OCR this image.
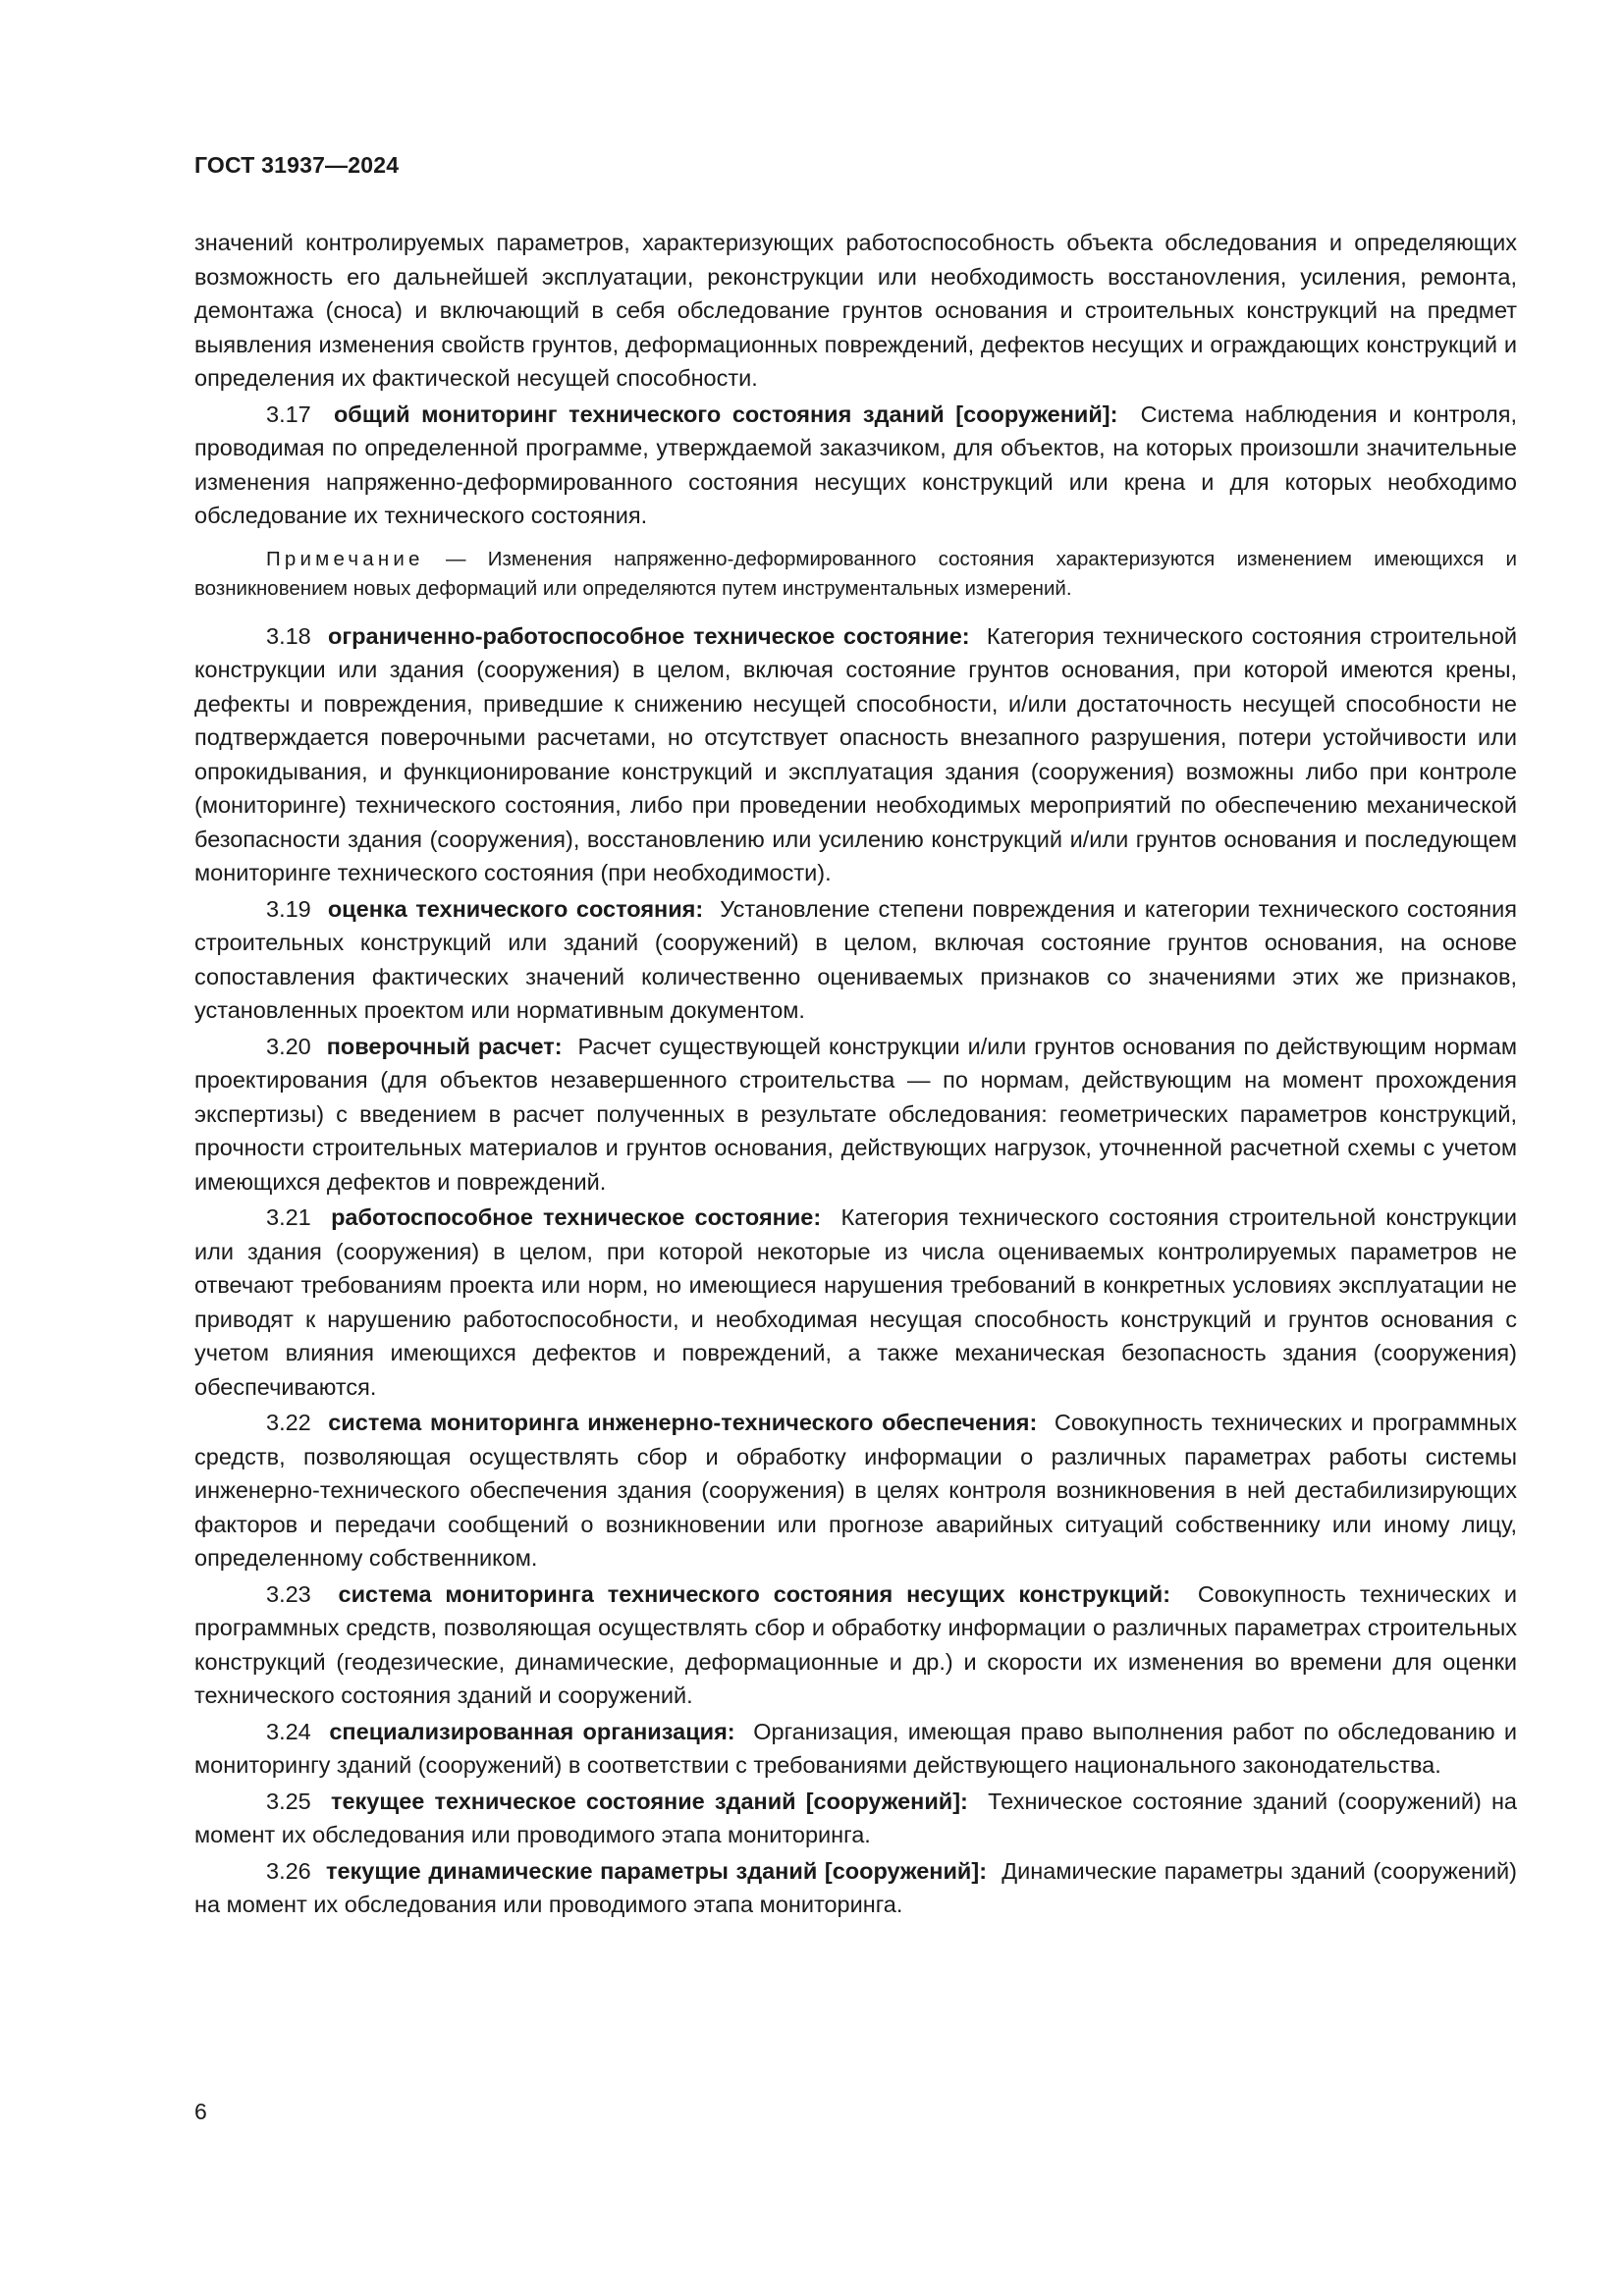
ГОСТ 31937—2024

значений контролируемых параметров, характеризующих работоспособность объекта обследования и определяющих возможность его дальнейшей эксплуатации, реконструкции или необходимость восстаноvления, усиления, ремонта, демонтажа (сноса) и включающий в себя обследование грунтов основания и строительных конструкций на предмет выявления изменения свойств грунтов, деформационных повреждений, дефектов несущих и ограждающих конструкций и определения их фактической несущей способности.

3.17 общий мониторинг технического состояния зданий [сооружений]: Система наблюдения и контроля, проводимая по определенной программе, утверждаемой заказчиком, для объектов, на которых произошли значительные изменения напряженно-деформированного состояния несущих конструкций или крена и для которых необходимо обследование их технического состояния.

Примечание — Изменения напряженно-деформированного состояния характеризуются изменением имеющихся и возникновением новых деформаций или определяются путем инструментальных измерений.

3.18 ограниченно-работоспособное техническое состояние: Категория технического состояния строительной конструкции или здания (сооружения) в целом, включая состояние грунтов основания, при которой имеются крены, дефекты и повреждения, приведшие к снижению несущей способности, и/или достаточность несущей способности не подтверждается поверочными расчетами, но отсутствует опасность внезапного разрушения, потери устойчивости или опрокидывания, и функционирование конструкций и эксплуатация здания (сооружения) возможны либо при контроле (мониторинге) технического состояния, либо при проведении необходимых мероприятий по обеспечению механической безопасности здания (сооружения), восстановлению или усилению конструкций и/или грунтов основания и последующем мониторинге технического состояния (при необходимости).

3.19 оценка технического состояния: Установление степени повреждения и категории технического состояния строительных конструкций или зданий (сооружений) в целом, включая состояние грунтов основания, на основе сопоставления фактических значений количественно оцениваемых признаков со значениями этих же признаков, установленных проектом или нормативным документом.

3.20 поверочный расчет: Расчет существующей конструкции и/или грунтов основания по действующим нормам проектирования (для объектов незавершенного строительства — по нормам, действующим на момент прохождения экспертизы) с введением в расчет полученных в результате обследования: геометрических параметров конструкций, прочности строительных материалов и грунтов основания, действующих нагрузок, уточненной расчетной схемы с учетом имеющихся дефектов и повреждений.

3.21 работоспособное техническое состояние: Категория технического состояния строительной конструкции или здания (сооружения) в целом, при которой некоторые из числа оцениваемых контролируемых параметров не отвечают требованиям проекта или норм, но имеющиеся нарушения требований в конкретных условиях эксплуатации не приводят к нарушению работоспособности, и необходимая несущая способность конструкций и грунтов основания с учетом влияния имеющихся дефектов и повреждений, а также механическая безопасность здания (сооружения) обеспечиваются.

3.22 система мониторинга инженерно-технического обеспечения: Совокупность технических и программных средств, позволяющая осуществлять сбор и обработку информации о различных параметрах работы системы инженерно-технического обеспечения здания (сооружения) в целях контроля возникновения в ней дестабилизирующих факторов и передачи сообщений о возникновении или прогнозе аварийных ситуаций собственнику или иному лицу, определенному собственником.

3.23 система мониторинга технического состояния несущих конструкций: Совокупность технических и программных средств, позволяющая осуществлять сбор и обработку информации о различных параметрах строительных конструкций (геодезические, динамические, деформационные и др.) и скорости их изменения во времени для оценки технического состояния зданий и сооружений.

3.24 специализированная организация: Организация, имеющая право выполнения работ по обследованию и мониторингу зданий (сооружений) в соответствии с требованиями действующего национального законодательства.

3.25 текущее техническое состояние зданий [сооружений]: Техническое состояние зданий (сооружений) на момент их обследования или проводимого этапа мониторинга.

3.26 текущие динамические параметры зданий [сооружений]: Динамические параметры зданий (сооружений) на момент их обследования или проводимого этапа мониторинга.

6
